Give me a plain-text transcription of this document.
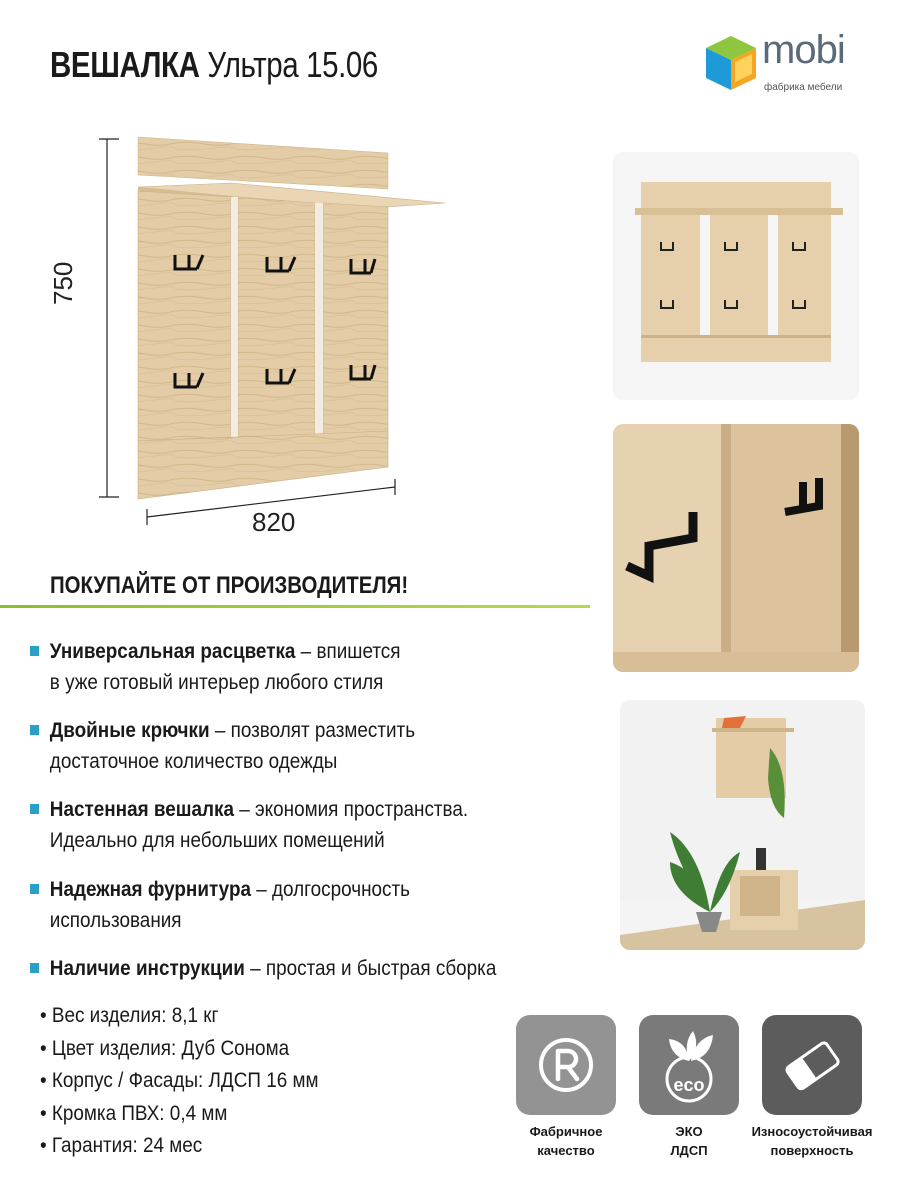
ВЕШАЛКА Ультра 15.06	mobi
фабрика мебели
820
750
ПОКУПАЙТЕ ОТ ПРОИЗВОДИТЕЛЯ!
Универсальная расцветка – впишется
в уже готовый интерьер любого стиля
Двойные крючки – позволят разместить
достаточное количество одежды
Настенная вешалка – экономия пространства.
Идеально для небольших помещений
Надежная фурнитура – долгосрочность
использования
Наличие инструкции – простая и быстрая сборка
• Вес изделия: 8,1 кг
• Цвет изделия: Дуб Сонома
• Корпус / Фасады: ЛДСП 16 мм
• Кромка ПВХ: 0,4 мм
• Гарантия: 24 мес
eco
Фабричное
качество
ЭКО
ЛДСП
Износоустойчивая
поверхность
